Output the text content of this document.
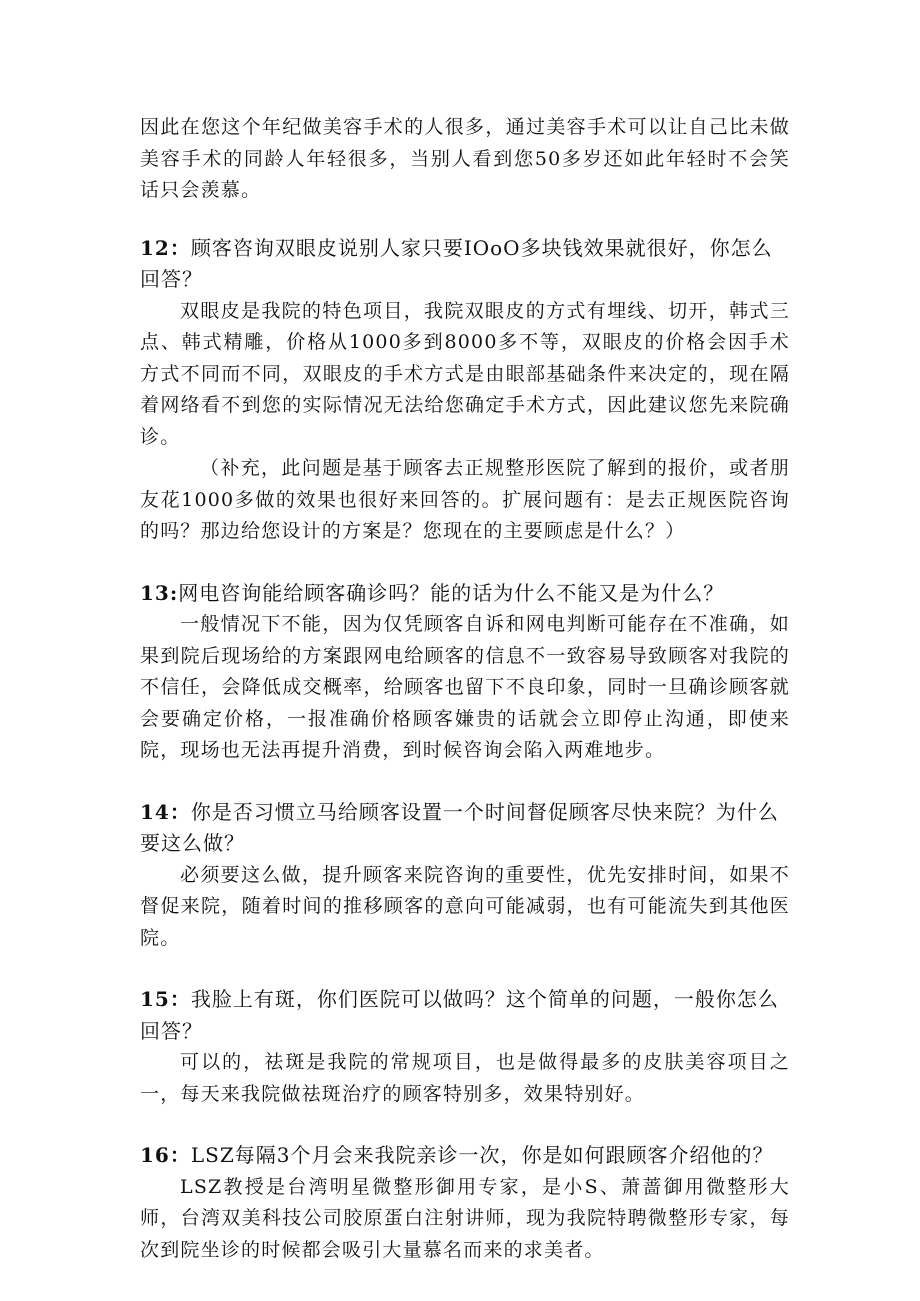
因此在您这个年纪做美容手术的人很多，通过美容手术可以让自己比未做美容手术的同龄人年轻很多，当别人看到您50多岁还如此年轻时不会笑话只会羡慕。

12：顾客咨询双眼皮说别人家只要IOoO多块钱效果就很好，你怎么回答？

双眼皮是我院的特色项目，我院双眼皮的方式有埋线、切开，韩式三点、韩式精雕，价格从1000多到8000多不等，双眼皮的价格会因手术方式不同而不同，双眼皮的手术方式是由眼部基础条件来决定的，现在隔着网络看不到您的实际情况无法给您确定手术方式，因此建议您先来院确诊。

（补充，此问题是基于顾客去正规整形医院了解到的报价，或者朋友花1000多做的效果也很好来回答的。扩展问题有：是去正规医院咨询的吗？那边给您设计的方案是？您现在的主要顾虑是什么？）

13:网电咨询能给顾客确诊吗？能的话为什么不能又是为什么？

一般情况下不能，因为仅凭顾客自诉和网电判断可能存在不准确，如果到院后现场给的方案跟网电给顾客的信息不一致容易导致顾客对我院的不信任，会降低成交概率，给顾客也留下不良印象，同时一旦确诊顾客就会要确定价格，一报准确价格顾客嫌贵的话就会立即停止沟通，即使来院，现场也无法再提升消费，到时候咨询会陷入两难地步。

14：你是否习惯立马给顾客设置一个时间督促顾客尽快来院？为什么要这么做？

必须要这么做，提升顾客来院咨询的重要性，优先安排时间，如果不督促来院，随着时间的推移顾客的意向可能减弱，也有可能流失到其他医院。

15：我脸上有斑，你们医院可以做吗？这个简单的问题，一般你怎么回答？

可以的，祛斑是我院的常规项目，也是做得最多的皮肤美容项目之一，每天来我院做祛斑治疗的顾客特别多，效果特别好。

16：LSZ每隔3个月会来我院亲诊一次，你是如何跟顾客介绍他的？

LSZ教授是台湾明星微整形御用专家，是小S、萧蔷御用微整形大师，台湾双美科技公司胶原蛋白注射讲师，现为我院特聘微整形专家，每次到院坐诊的时候都会吸引大量慕名而来的求美者。
